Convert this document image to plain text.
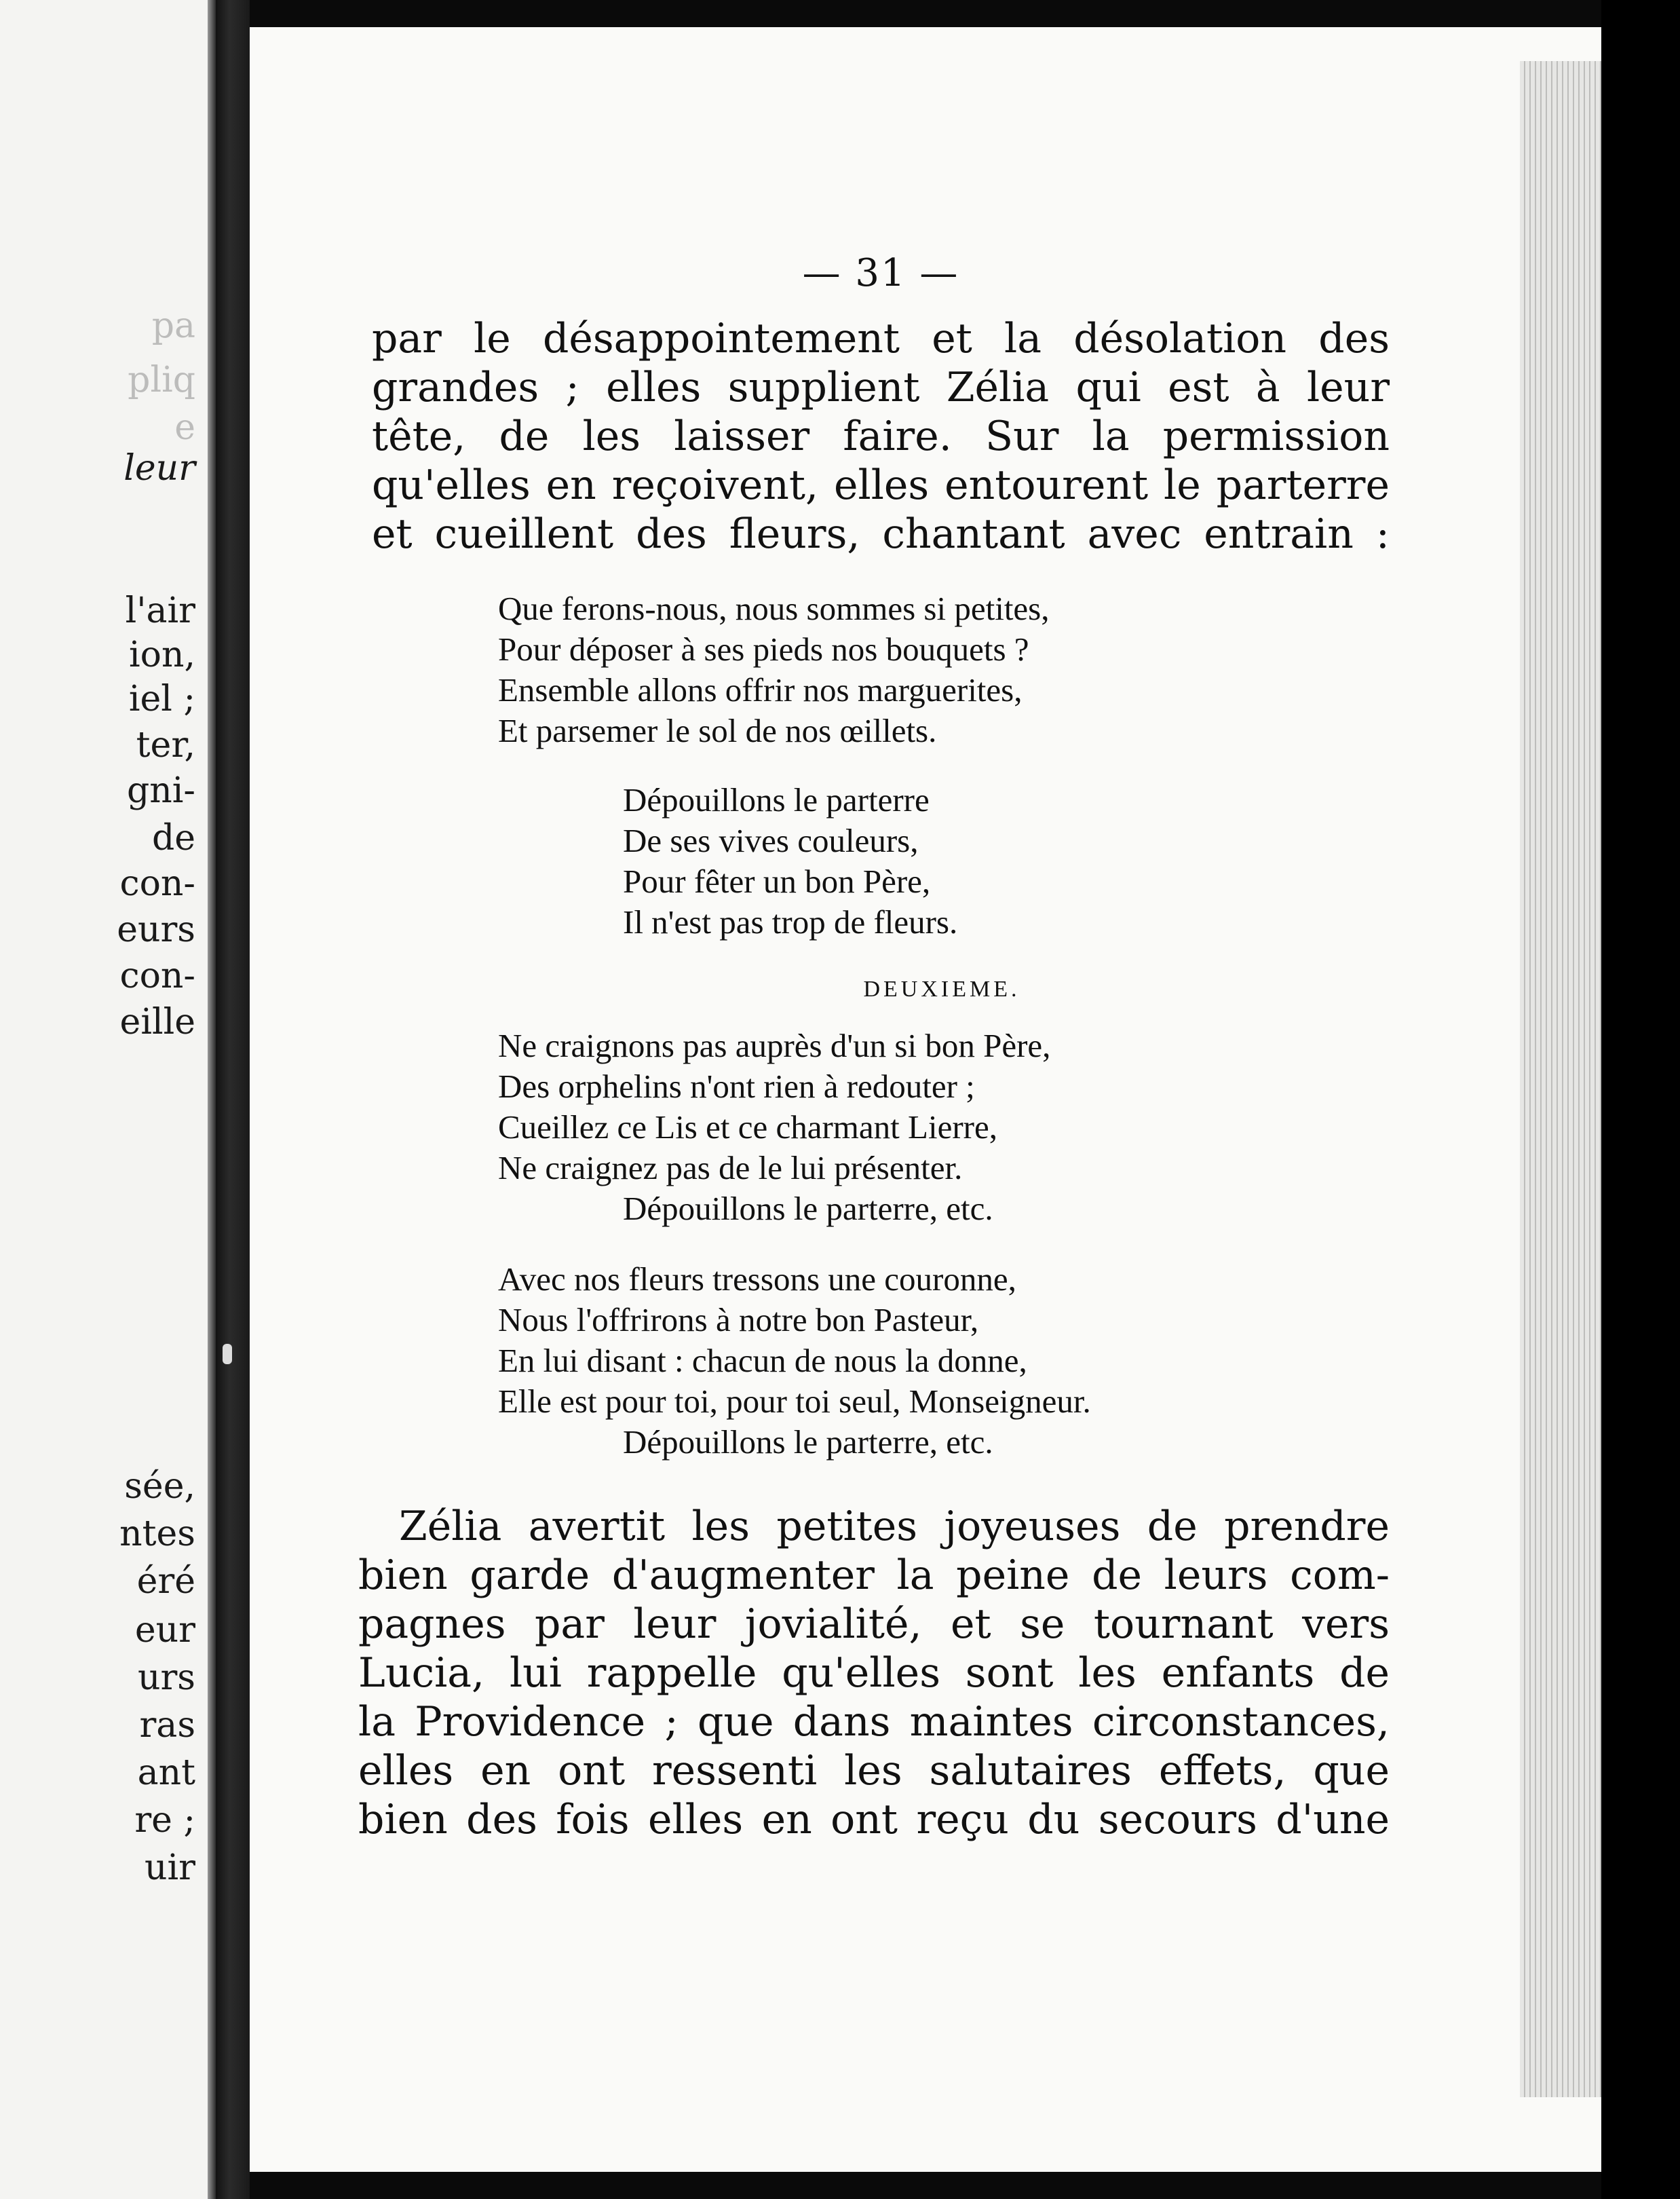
pa
pliq
e
leur
l'air
ion,
iel ;
ter,
gni-
de
con-
eurs
con-
eille
sée,
ntes
éré
eur
urs
ras
ant
re ;
uir
— 31 —

par le désappointement et la désolation des

grandes ; elles supplient Zélia qui est à leur

tête, de les laisser faire. Sur la permission

qu'elles en reçoivent, elles entourent le parterre

et cueillent des fleurs, chantant avec entrain :

Que ferons-nous, nous sommes si petites,

Pour déposer à ses pieds nos bouquets ?

Ensemble allons offrir nos marguerites,

Et parsemer le sol de nos œillets.

Dépouillons le parterre

De ses vives couleurs,

Pour fêter un bon Père,

Il n'est pas trop de fleurs.

DEUXIEME.

Ne craignons pas auprès d'un si bon Père,

Des orphelins n'ont rien à redouter ;

Cueillez ce Lis et ce charmant Lierre,

Ne craignez pas de le lui présenter.

Dépouillons le parterre, etc.

Avec nos fleurs tressons une couronne,

Nous l'offrirons à notre bon Pasteur,

En lui disant : chacun de nous la donne,

Elle est pour toi, pour toi seul, Monseigneur.

Dépouillons le parterre, etc.

Zélia avertit les petites joyeuses de prendre

bien garde d'augmenter la peine de leurs com-

pagnes par leur jovialité, et se tournant vers

Lucia, lui rappelle qu'elles sont les enfants de

la Providence ; que dans maintes circonstances,

elles en ont ressenti les salutaires effets, que

bien des fois elles en ont reçu du secours d'une
